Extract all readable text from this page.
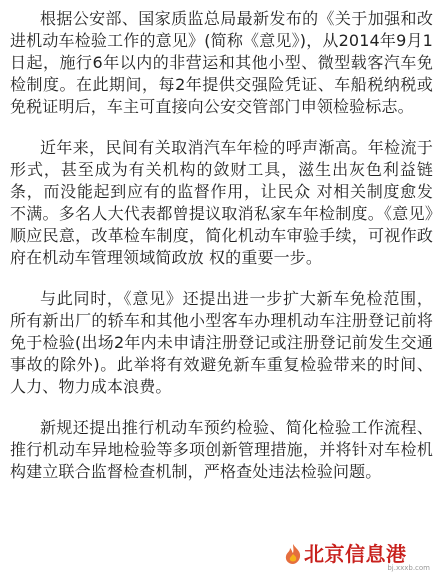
根据公安部、国家质监总局最新发布的《关于加强和改进机动车检验工作的意见》(简称《意见》)，从2014年9月1日起，施行6年以内的非营运和其他小型、微型载客汽车免检制度。在此期间，每2年提供交强险凭证、车船税纳税或免税证明后，车主可直接向公安交管部门申领检验标志。

近年来，民间有关取消汽车年检的呼声渐高。年检流于形式，甚至成为有关机构的敛财工具，滋生出灰色利益链条，而没能起到应有的监督作用，让民众 对相关制度愈发不满。多名人大代表都曾提议取消私家车年检制度。《意见》顺应民意，改革检车制度，简化机动车审验手续，可视作政府在机动车管理领域简政放 权的重要一步。

与此同时，《意见》还提出进一步扩大新车免检范围，所有新出厂的轿车和其他小型客车办理机动车注册登记前将免于检验(出场2年内未申请注册登记或注册登记前发生交通事故的除外)。此举将有效避免新车重复检验带来的时间、人力、物力成本浪费。

新规还提出推行机动车预约检验、简化检验工作流程、推行机动车异地检验等多项创新管理措施，并将针对车检机构建立联合监督检查机制，严格查处违法检验问题。

北京信息港
bj.xxxb.com
